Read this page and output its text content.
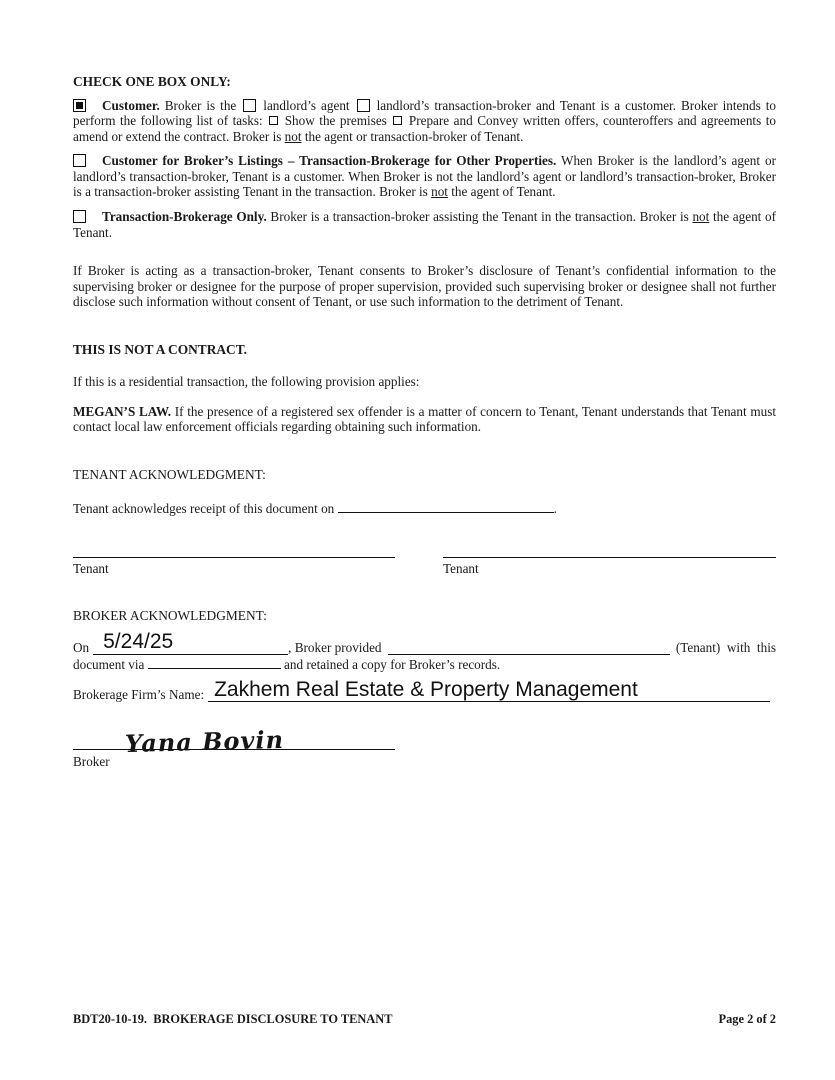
CHECK ONE BOX ONLY:

Customer. Broker is the  landlord’s agent  landlord’s transaction-broker and Tenant is a customer. Broker intends to perform the following list of tasks:  Show the premises  Prepare and Convey written offers, counteroffers and agreements to amend or extend the contract. Broker is not the agent or transaction-broker of Tenant.

Customer for Broker’s Listings – Transaction-Brokerage for Other Properties. When Broker is the landlord’s agent or landlord’s transaction-broker, Tenant is a customer. When Broker is not the landlord’s agent or landlord’s transaction-broker, Broker is a transaction-broker assisting Tenant in the transaction. Broker is not the agent of Tenant.

Transaction-Brokerage Only. Broker is a transaction-broker assisting the Tenant in the transaction. Broker is not the agent of Tenant.

If Broker is acting as a transaction-broker, Tenant consents to Broker’s disclosure of Tenant’s confidential information to the supervising broker or designee for the purpose of proper supervision, provided such supervising broker or designee shall not further disclose such information without consent of Tenant, or use such information to the detriment of Tenant.

THIS IS NOT A CONTRACT.

If this is a residential transaction, the following provision applies:

MEGAN’S LAW. If the presence of a registered sex offender is a matter of concern to Tenant, Tenant understands that Tenant must contact local law enforcement officials regarding obtaining such information.

TENANT ACKNOWLEDGMENT:

Tenant acknowledges receipt of this document on	.

Tenant	Tenant

BROKER ACKNOWLEDGMENT:

On 5/24/25	, Broker provided	(Tenant)  with  this

document via	and retained a copy for Broker’s records.

Brokerage Firm’s Name: Zakhem Real Estate & Property Management
Yana Bovin
Broker
BDT20-10-19.  BROKERAGE DISCLOSURE TO TENANT	Page 2 of 2
